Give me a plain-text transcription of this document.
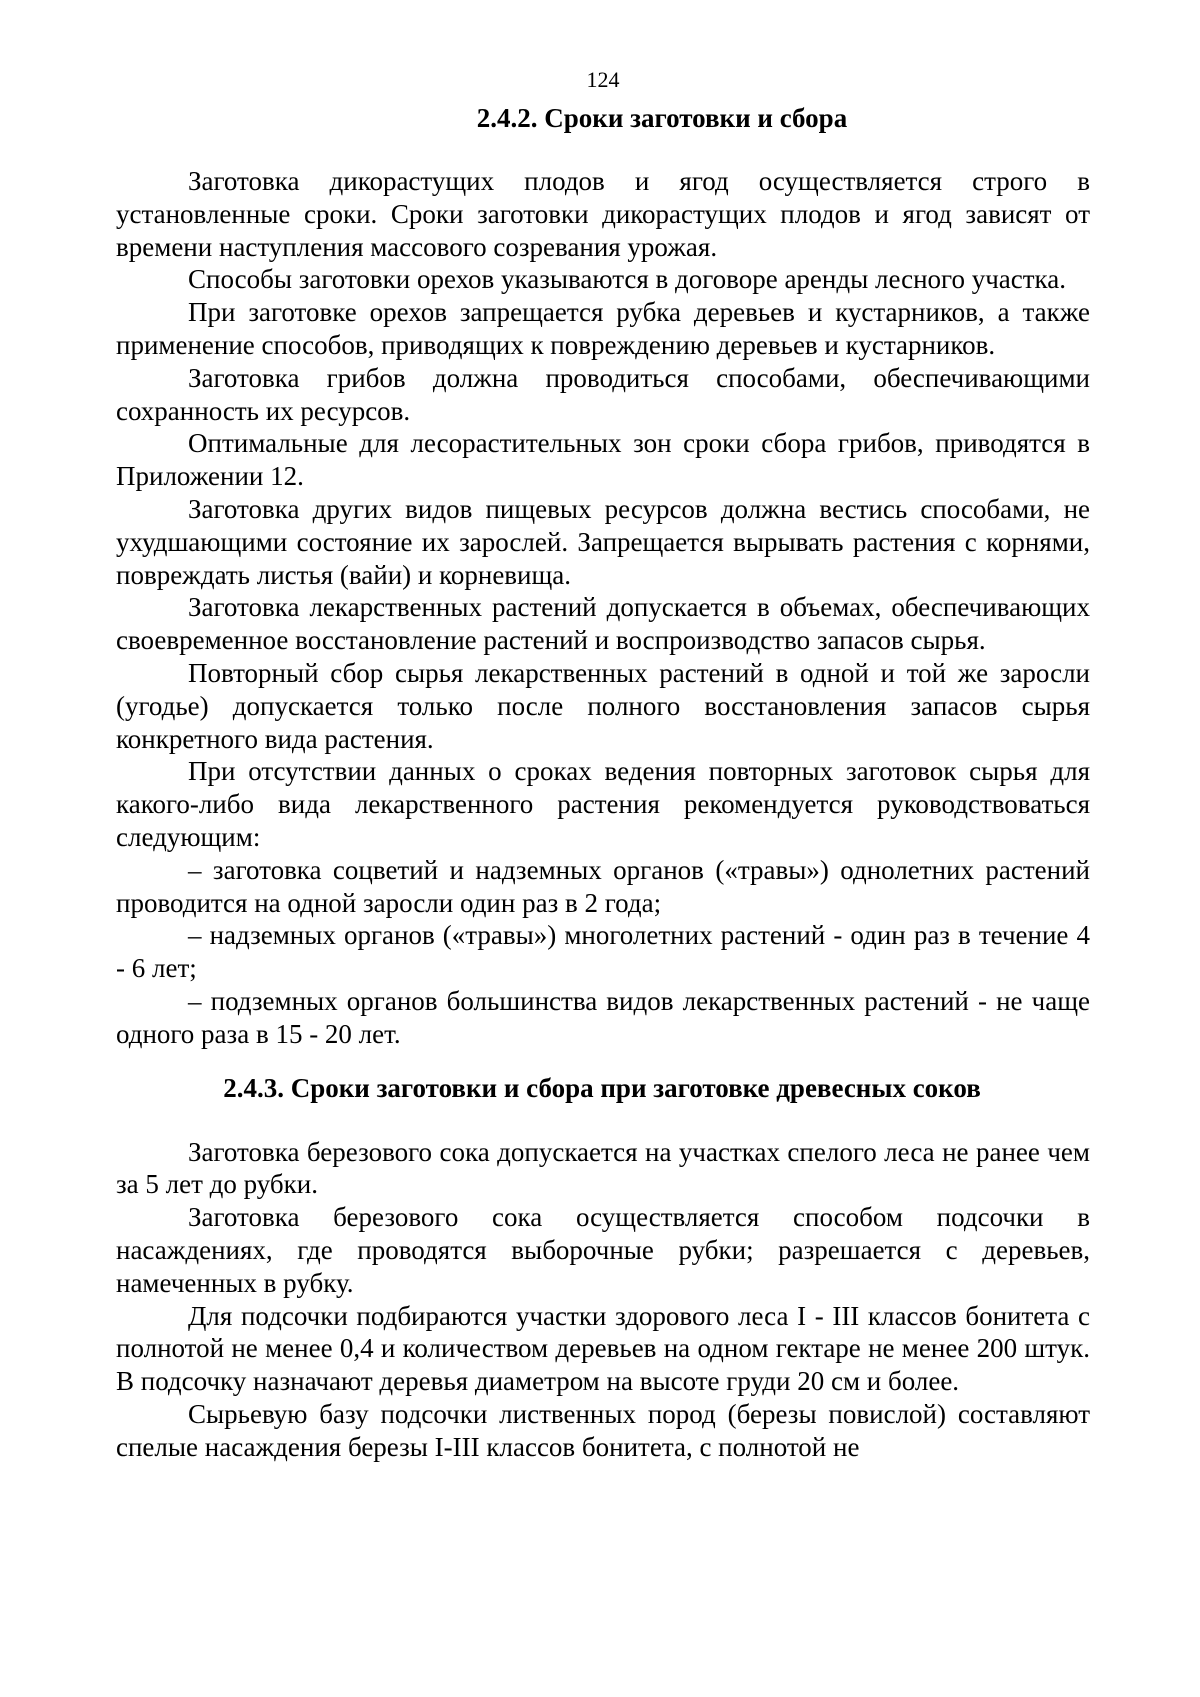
124
2.4.2. Сроки заготовки и сбора

Заготовка дикорастущих плодов и ягод осуществляется строго в установленные сроки. Сроки заготовки дикорастущих плодов и ягод зависят от времени наступления массового созревания урожая.

Способы заготовки орехов указываются в договоре аренды лесного участка.

При заготовке орехов запрещается рубка деревьев и кустарников, а также применение способов, приводящих к повреждению деревьев и кустарников.

Заготовка грибов должна проводиться способами, обеспечивающими сохранность их ресурсов.

Оптимальные для лесорастительных зон сроки сбора грибов, приводятся в Приложении 12.

Заготовка других видов пищевых ресурсов должна вестись способами, не ухудшающими состояние их зарослей. Запрещается вырывать растения с корнями, повреждать листья (вайи) и корневища.

Заготовка лекарственных растений допускается в объемах, обеспечивающих своевременное восстановление растений и воспроизводство запасов сырья.

Повторный сбор сырья лекарственных растений в одной и той же заросли (угодье) допускается только после полного восстановления запасов сырья конкретного вида растения.

При отсутствии данных о сроках ведения повторных заготовок сырья для какого-либо вида лекарственного растения рекомендуется руководствоваться следующим:

– заготовка соцветий и надземных органов («травы») однолетних растений проводится на одной заросли один раз в 2 года;

– надземных органов («травы») многолетних растений - один раз в течение 4 - 6 лет;

– подземных органов большинства видов лекарственных растений - не чаще одного раза в 15 - 20 лет.

2.4.3. Сроки заготовки и сбора при заготовке древесных соков

Заготовка березового сока допускается на участках спелого леса не ранее чем за 5 лет до рубки.

Заготовка березового сока осуществляется способом подсочки в насаждениях, где проводятся выборочные рубки; разрешается с деревьев, намеченных в рубку.

Для подсочки подбираются участки здорового леса I - III классов бонитета с полнотой не менее 0,4 и количеством деревьев на одном гектаре не менее 200 штук. В подсочку назначают деревья диаметром на высоте груди 20 см и более.

Сырьевую базу подсочки лиственных пород (березы повислой) составляют спелые насаждения березы I-III классов бонитета, с полнотой не
